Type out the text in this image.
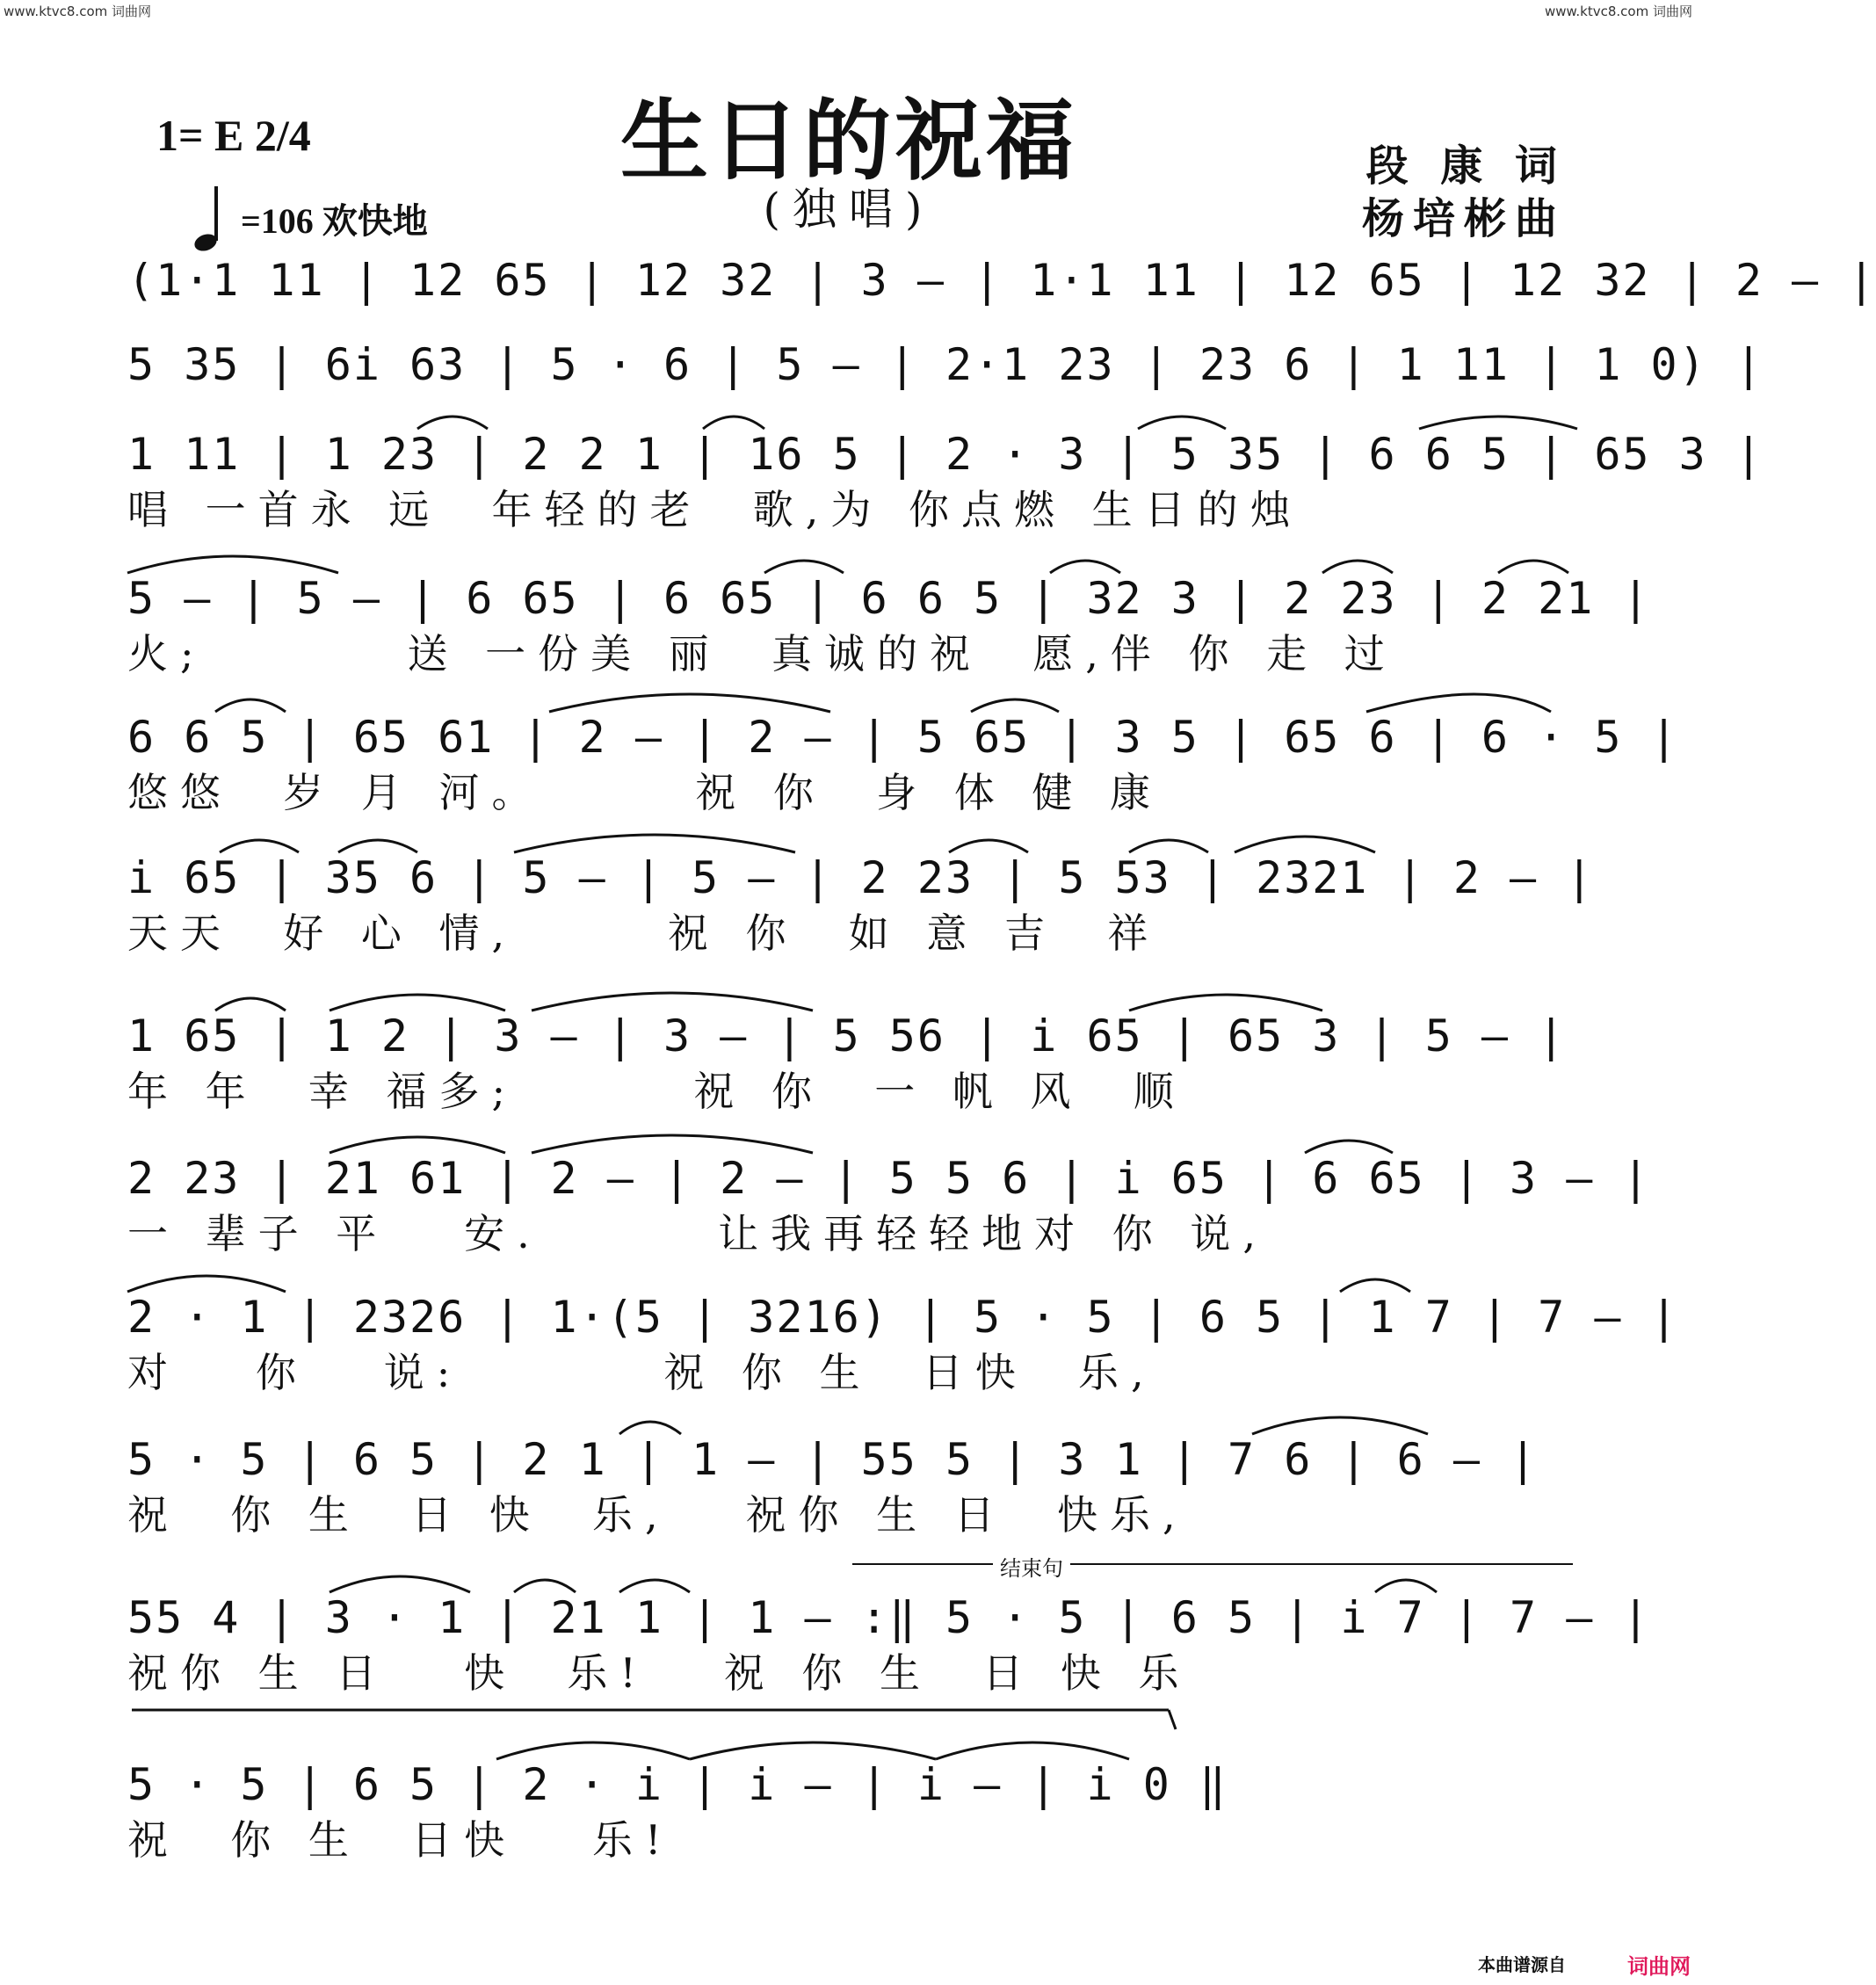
www.ktvc8.com 词曲网	www.ktvc8.com 词曲网
1= E 2/4
=106 欢快地
生日的祝福
(独唱)
段 康 词
杨培彬曲
(1·1 11 | 12 65 | 12 32 | 3 — | 1·1 11 | 12 65 | 12 32 | 2 — |
5 35 | 6i 63 | 5 · 6 | 5 — | 2·1 23 | 23 6 | 1 11 | 1 0) |
1 11 | 1 23 | 2 2 1 | 16 5 | 2 · 3 | 5 35 | 6 6 5 | 65 3 |
唱 一首永 远  年轻的老  歌,为 你点燃 生日的烛
5 — | 5 — | 6 65 | 6 65 | 6 6 5 | 32 3 | 2 23 | 2 21 |
火;        送 一份美 丽  真诚的祝  愿,伴 你 走 过
6 6 5 | 65 61 | 2 — | 2 — | 5 65 | 3 5 | 65 6 | 6 · 5 |
悠悠  岁 月 河。      祝 你  身 体 健 康
i 65 | 35 6 | 5 — | 5 — | 2 23 | 5 53 | 2321 | 2 — |
天天  好 心 情,      祝 你  如 意 吉  祥
1 65 | 1 2 | 3 — | 3 — | 5 56 | i 65 | 65 3 | 5 — |
年 年  幸 福多;       祝 你  一 帆 风  顺
2 23 | 21 61 | 2 — | 2 — | 5 5 6 | i 65 | 6 65 | 3 — |
一 辈子 平   安.       让我再轻轻地对 你 说,
2 · 1 | 2326 | 1·(5 | 3216) | 5 · 5 | 6 5 | 1 7 | 7 — |
对   你   说:        祝 你 生  日快  乐,
5 · 5 | 6 5 | 2 1 | 1 — | 55 5 | 3 1 | 7 6 | 6 — |
祝  你 生  日 快  乐,   祝你 生 日  快乐,
结束句
55 4 | 3 · 1 | 21 1 | 1 — :‖ 5 · 5 | 6 5 | i 7 | 7 — |
祝你 生 日   快  乐!   祝 你 生  日 快 乐
5 · 5 | 6 5 | 2 · i | i — | i — | i 0 ‖
祝  你 生  日快   乐!
本曲谱源自	词曲网
